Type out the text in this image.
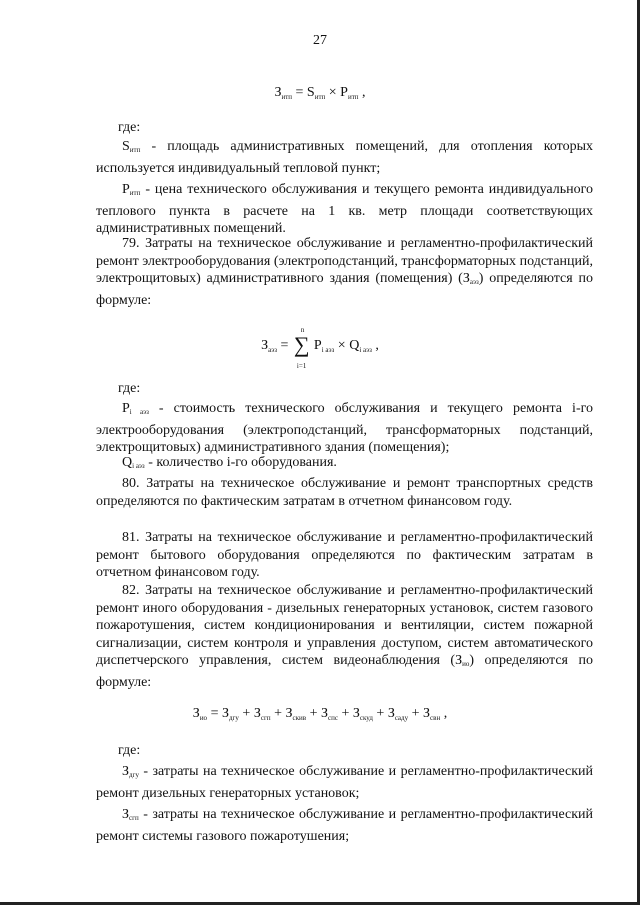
27
$З_{итп} = S_{итп} \times P_{итп}$ ,
где:
$S_{итп}$ - площадь административных помещений, для отопления которых используется индивидуальный тепловой пункт;
$P_{итп}$ - цена технического обслуживания и текущего ремонта индивидуального теплового пункта в расчете на 1 кв. метр площади соответствующих административных помещений.
79. Затраты на техническое обслуживание и регламентно-профилактический ремонт электрооборудования (электроподстанций, трансформаторных подстанций, электрощитовых) административного здания (помещения) $(З_{аэз})$ определяются по формуле:
$З_{аэз}$ =
n
∑
i=1
$P_{i аэз} \times Q_{i аэз}$ ,
где:
$P_{i аэз}$ - стоимость технического обслуживания и текущего ремонта i-го электрооборудования (электроподстанций, трансформаторных подстанций, электрощитовых) административного здания (помещения);
$Q_{i аэз}$ - количество i-го оборудования.
80. Затраты на техническое обслуживание и ремонт транспортных средств определяются по фактическим затратам в отчетном финансовом году.
81. Затраты на техническое обслуживание и регламентно-профилактический ремонт бытового оборудования определяются по фактическим затратам в отчетном финансовом году.
82. Затраты на техническое обслуживание и регламентно-профилактический ремонт иного оборудования - дизельных генераторных установок, систем газового пожаротушения, систем кондиционирования и вентиляции, систем пожарной сигнализации, систем контроля и управления доступом, систем автоматического диспетчерского управления, систем видеонаблюдения $(З_{ио})$ определяются по формуле:
$З_{ио} = З_{дгу} + З_{сгп} + З_{скив} + З_{спс} + З_{скуд} + З_{сaду} + З_{свн}$ ,
где:
$З_{дгу}$ - затраты на техническое обслуживание и регламентно-профилактический ремонт дизельных генераторных установок;
$З_{сгп}$ - затраты на техническое обслуживание и регламентно-профилактический ремонт системы газового пожаротушения;
